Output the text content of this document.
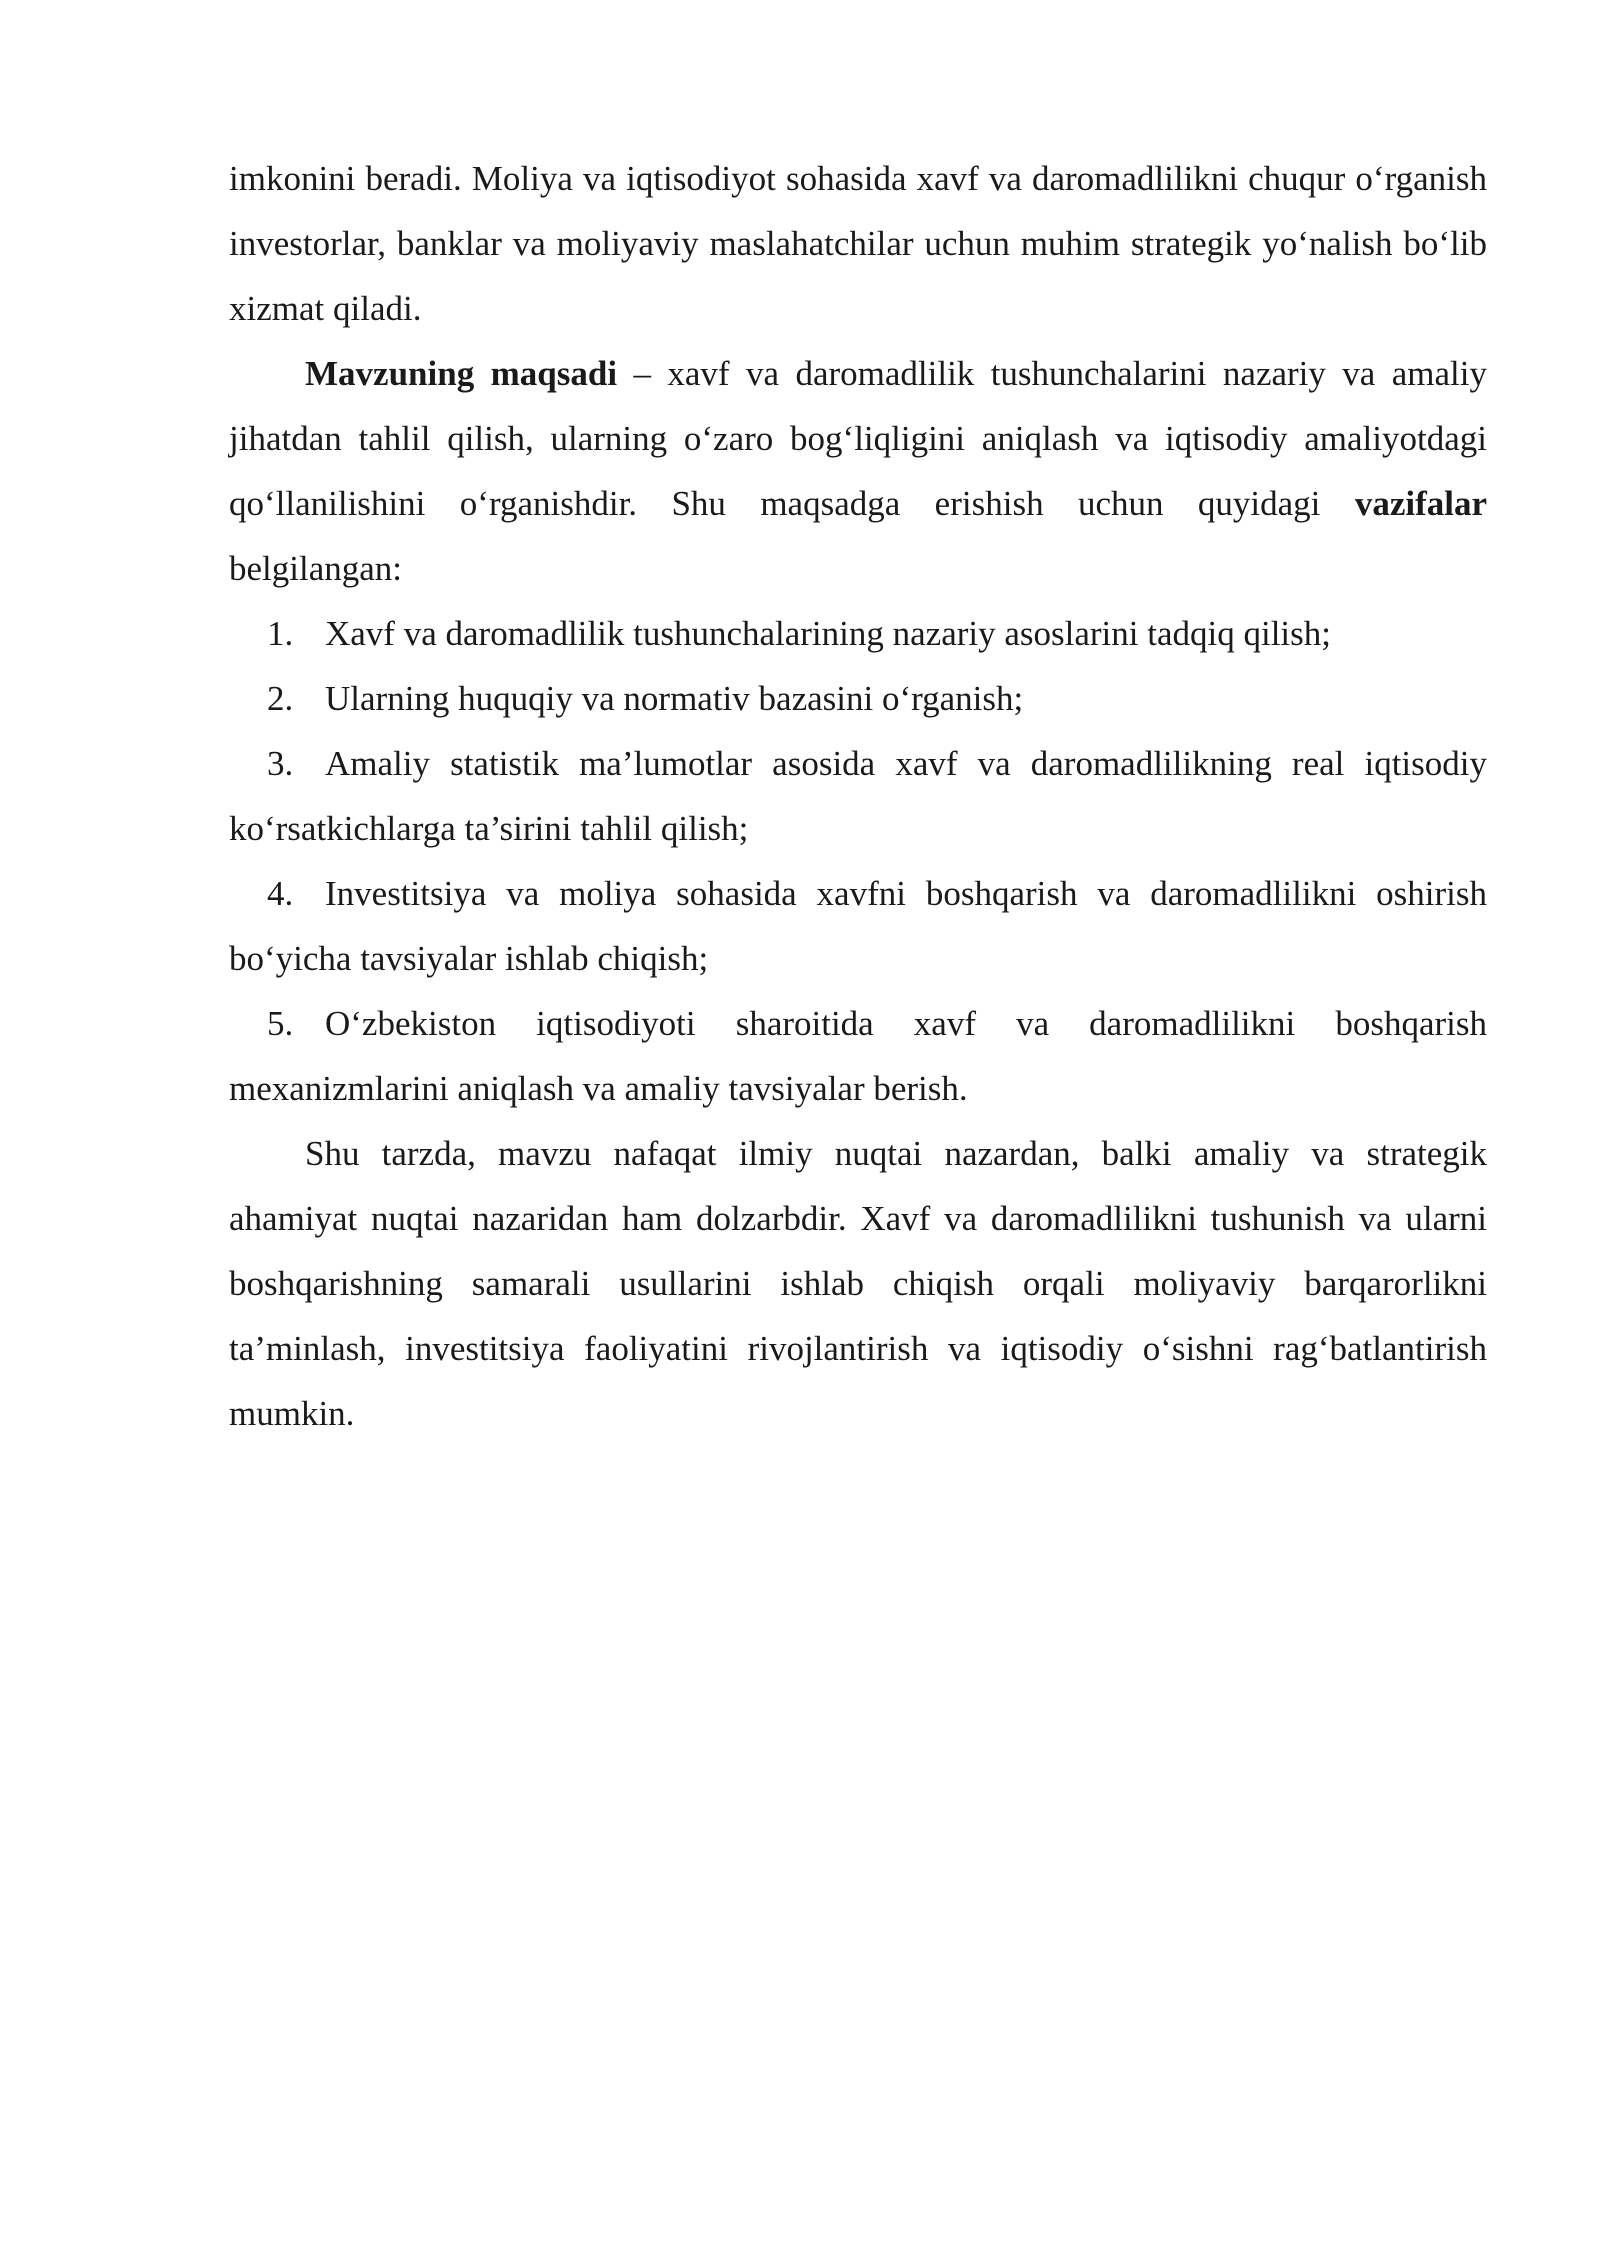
imkonini beradi. Moliya va iqtisodiyot sohasida xavf va daromadlilikni chuqur o‘rganish investorlar, banklar va moliyaviy maslahatchilar uchun muhim strategik yo‘nalish bo‘lib xizmat qiladi.

Mavzuning maqsadi – xavf va daromadlilik tushunchalarini nazariy va amaliy jihatdan tahlil qilish, ularning o‘zaro bog‘liqligini aniqlash va iqtisodiy amaliyotdagi qo‘llanilishini o‘rganishdir. Shu maqsadga erishish uchun quyidagi vazifalar belgilangan:

1. Xavf va daromadlilik tushunchalarining nazariy asoslarini tadqiq qilish;

2. Ularning huquqiy va normativ bazasini o‘rganish;

3. Amaliy statistik ma’lumotlar asosida xavf va daromadlilikning real iqtisodiy ko‘rsatkichlarga ta’sirini tahlil qilish;

4. Investitsiya va moliya sohasida xavfni boshqarish va daromadlilikni oshirish bo‘yicha tavsiyalar ishlab chiqish;

5. O‘zbekiston iqtisodiyoti sharoitida xavf va daromadlilikni boshqarish mexanizmlarini aniqlash va amaliy tavsiyalar berish.

Shu tarzda, mavzu nafaqat ilmiy nuqtai nazardan, balki amaliy va strategik ahamiyat nuqtai nazaridan ham dolzarbdir. Xavf va daromadlilikni tushunish va ularni boshqarishning samarali usullarini ishlab chiqish orqali moliyaviy barqarorlikni ta’minlash, investitsiya faoliyatini rivojlantirish va iqtisodiy o‘sishni rag‘batlantirish mumkin.
